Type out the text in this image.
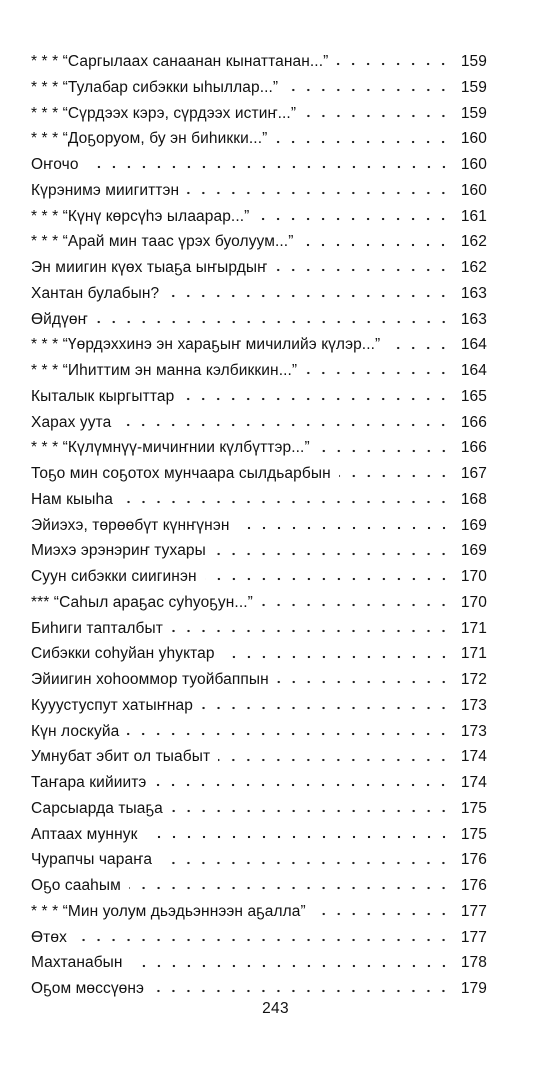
* * * “Саргылаах санаанан кынаттанан...”	159
* * * “Тулабар сибэкки ыһыллар...”	159
* * * “Сүрдээх кэрэ, сүрдээх истиҥ...”	159
* * * “Доҕоруом, бу эн биһикки...”	160
Оҥочо	160
Күрэнимэ миигиттэн	160
* * * “Күнү көрсүһэ ылаарар...”	161
* * * “Арай мин таас үрэх буолуум...”	162
Эн миигин күөх тыаҕа ыҥырдыҥ	162
Хантан булабын?	163
Өйдүөҥ	163
* * * “Үөрдэххинэ эн хараҕыҥ мичилийэ күлэр...”	164
* * * “Иһиттим эн манна кэлбиккин...”	164
Кыталык кыргыттар	165
Харах уута	166
* * * “Күлүмнүү-мичиҥнии күлбүттэр...”	166
Тоҕо мин соҕотох мунчаара сылдьарбын	167
Нам кыыһа	168
Эйиэхэ, төрөөбүт күнҥүнэн	169
Миэхэ эрэнэриҥ тухары	169
Суун сибэкки сиигинэн	170
*** “Саһыл араҕас суһуоҕун...”	170
Биһиги тапталбыт	171
Сибэкки соһуйан уһуктар	171
Эйиигин хоһооммор туойбаппын	172
Кууустуспут хатыҥнар	173
Күн лоскуйа	173
Умнубат эбит ол тыабыт	174
Таҥара кийиитэ	174
Сарсыарда тыаҕа	175
Аптаах муннук	175
Чурапчы чараҥа	176
Оҕо сааһым	176
* * * “Мин уолум дьэдьэннээн аҕалла”	177
Өтөх	177
Махтанабын	178
Оҕом мөссүөнэ	179
243
